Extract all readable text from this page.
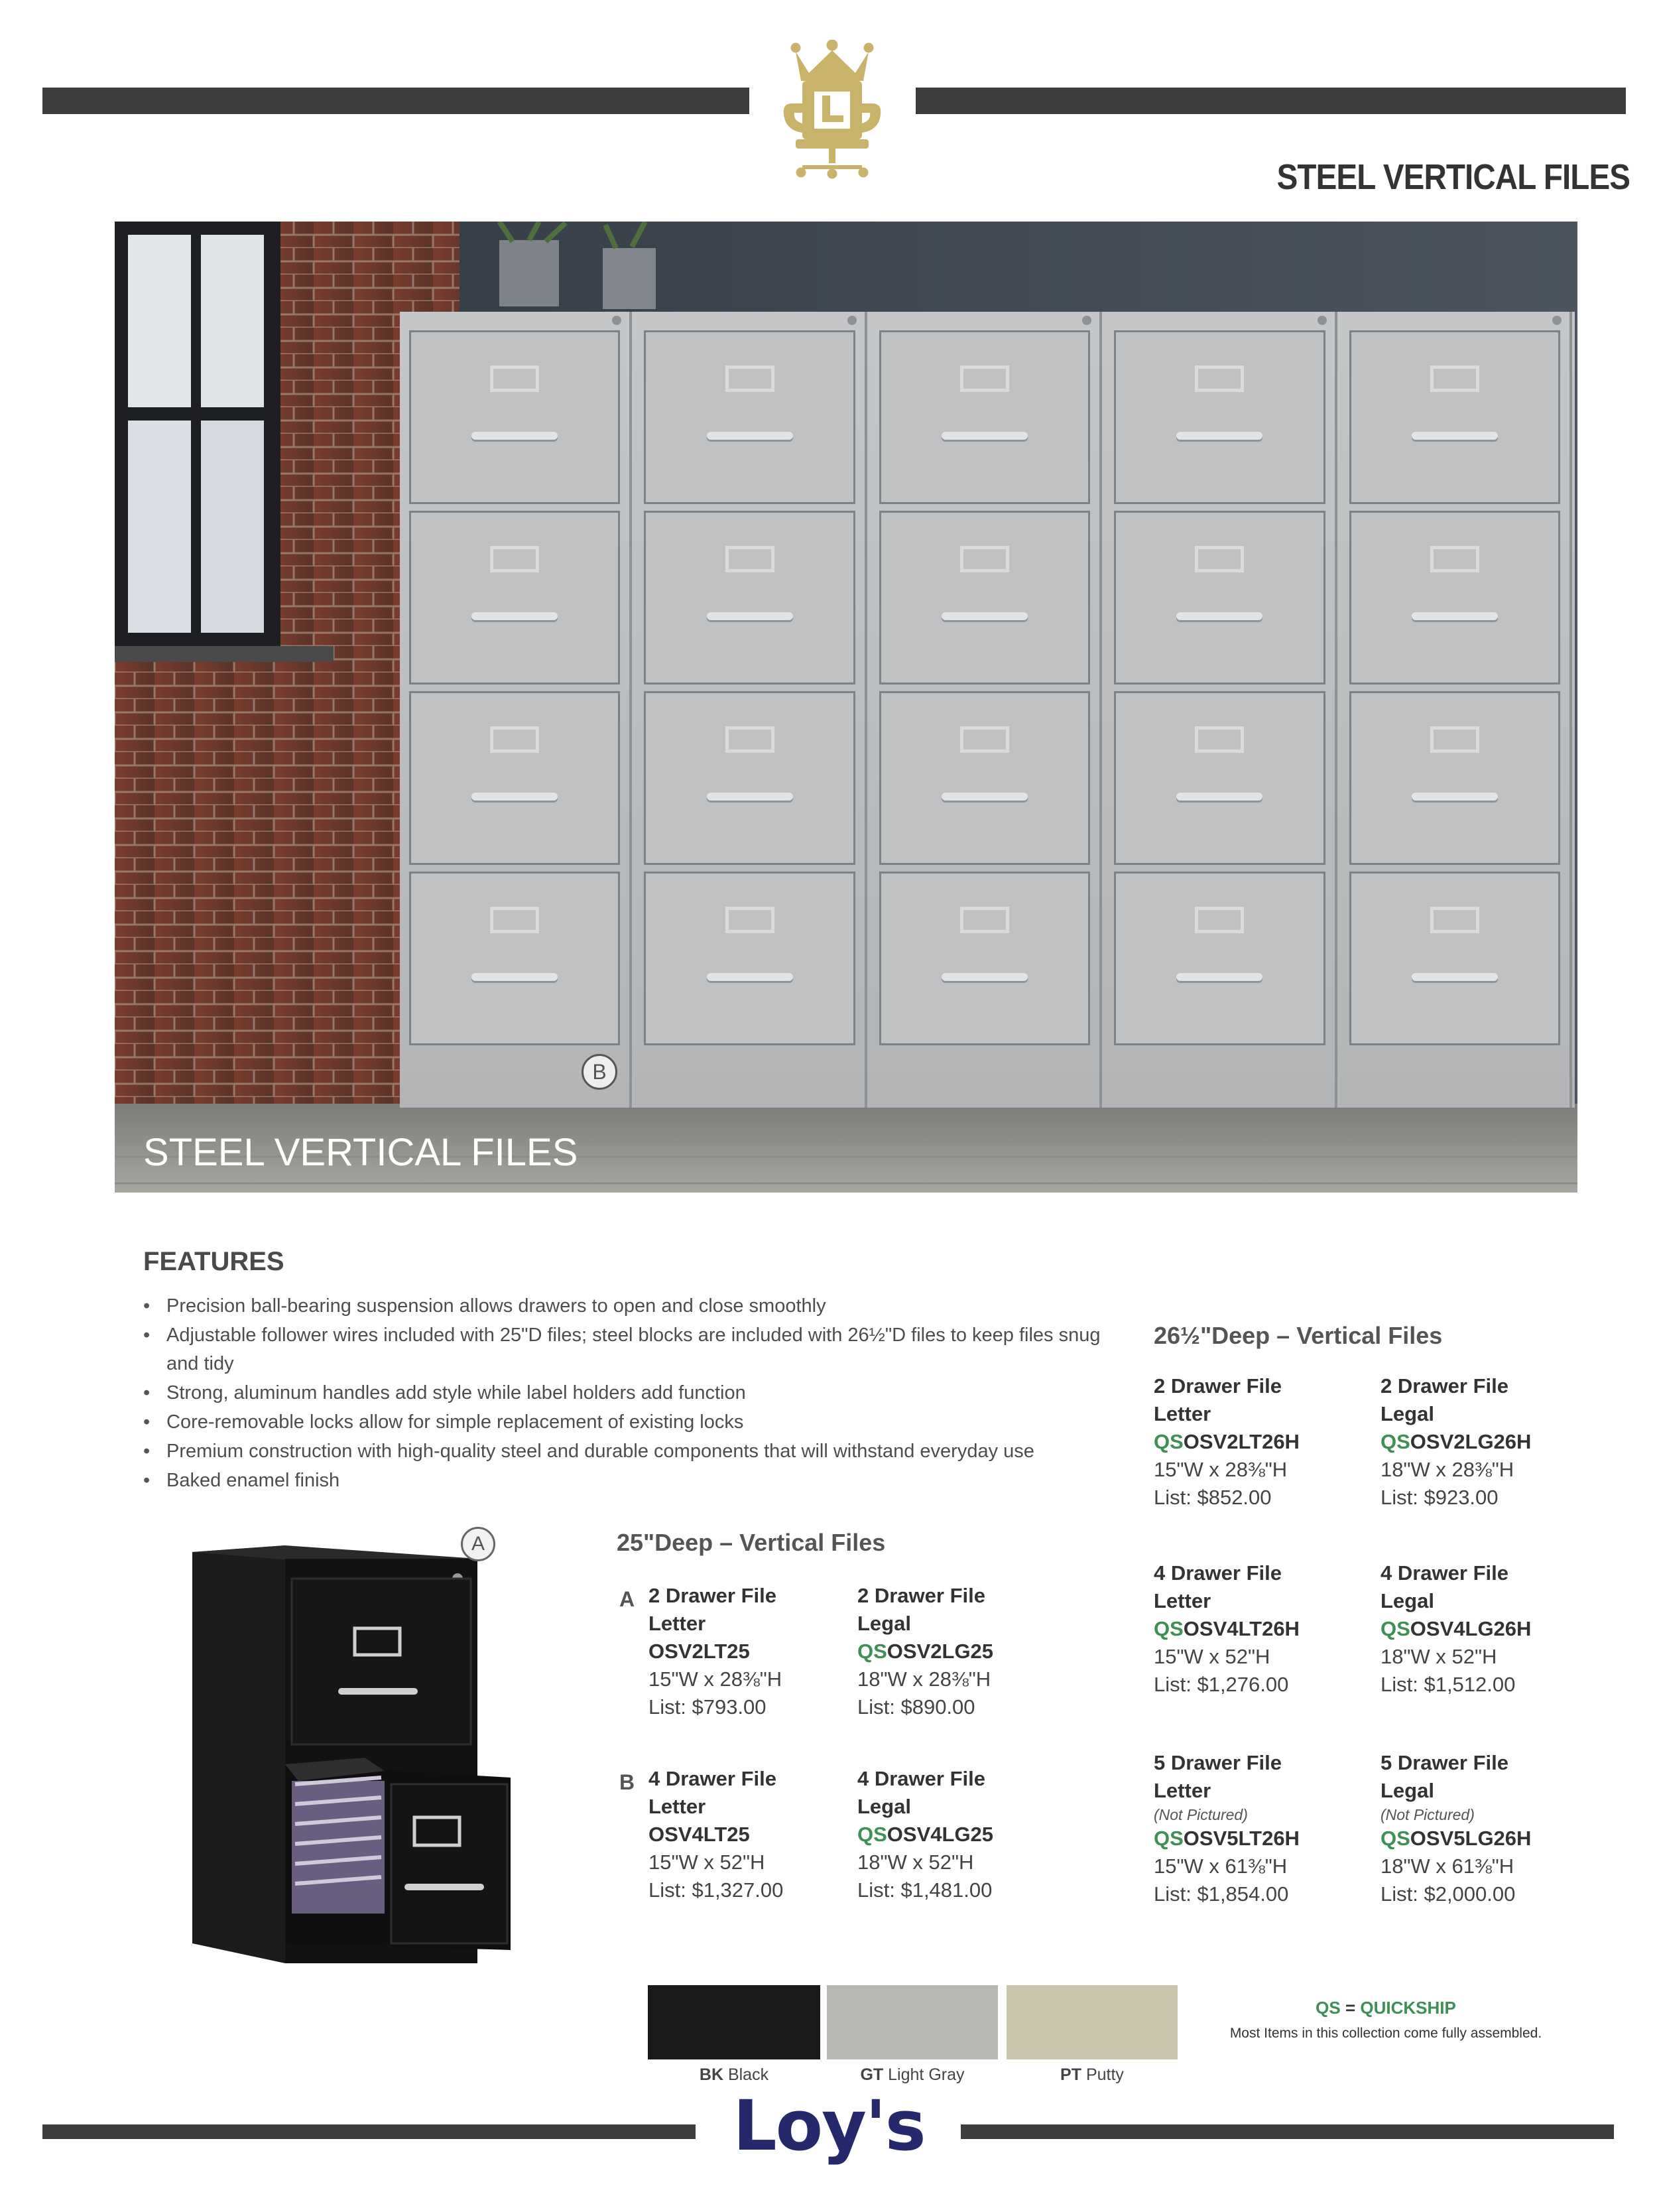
STEEL VERTICAL FILES
B
STEEL VERTICAL FILES
FEATURES
• Precision ball-bearing suspension allows drawers to open and close smoothly
• Adjustable follower wires included with 25"D files; steel blocks are included with 26½"D files to keep files snug and tidy
• Strong, aluminum handles add style while label holders add function
• Core-removable locks allow for simple replacement of existing locks
• Premium construction with high-quality steel and durable components that will withstand everyday use
• Baked enamel finish
A	25"Deep – Vertical Files
A 2 Drawer File
Letter
OSV2LT25
15"W x 28⅜"H
List: $793.00
2 Drawer File
Legal
QSOSV2LG25
18"W x 28⅜"H
List: $890.00
B 4 Drawer File
Letter
OSV4LT25
15"W x 52"H
List: $1,327.00
4 Drawer File
Legal
QSOSV4LG25
18"W x 52"H
List: $1,481.00
26½"Deep – Vertical Files
2 Drawer File
Letter
QSOSV2LT26H
15"W x 28⅜"H
List: $852.00
2 Drawer File
Legal
QSOSV2LG26H
18"W x 28⅜"H
List: $923.00
4 Drawer File
Letter
QSOSV4LT26H
15"W x 52"H
List: $1,276.00
4 Drawer File
Legal
QSOSV4LG26H
18"W x 52"H
List: $1,512.00
5 Drawer File
Letter
(Not Pictured)
QSOSV5LT26H
15"W x 61⅜"H
List: $1,854.00
5 Drawer File
Legal
(Not Pictured)
QSOSV5LG26H
18"W x 61⅜"H
List: $2,000.00
BK Black	GT Light Gray	PT Putty
QS = QUICKSHIP
Most Items in this collection come fully assembled.
Loy's
